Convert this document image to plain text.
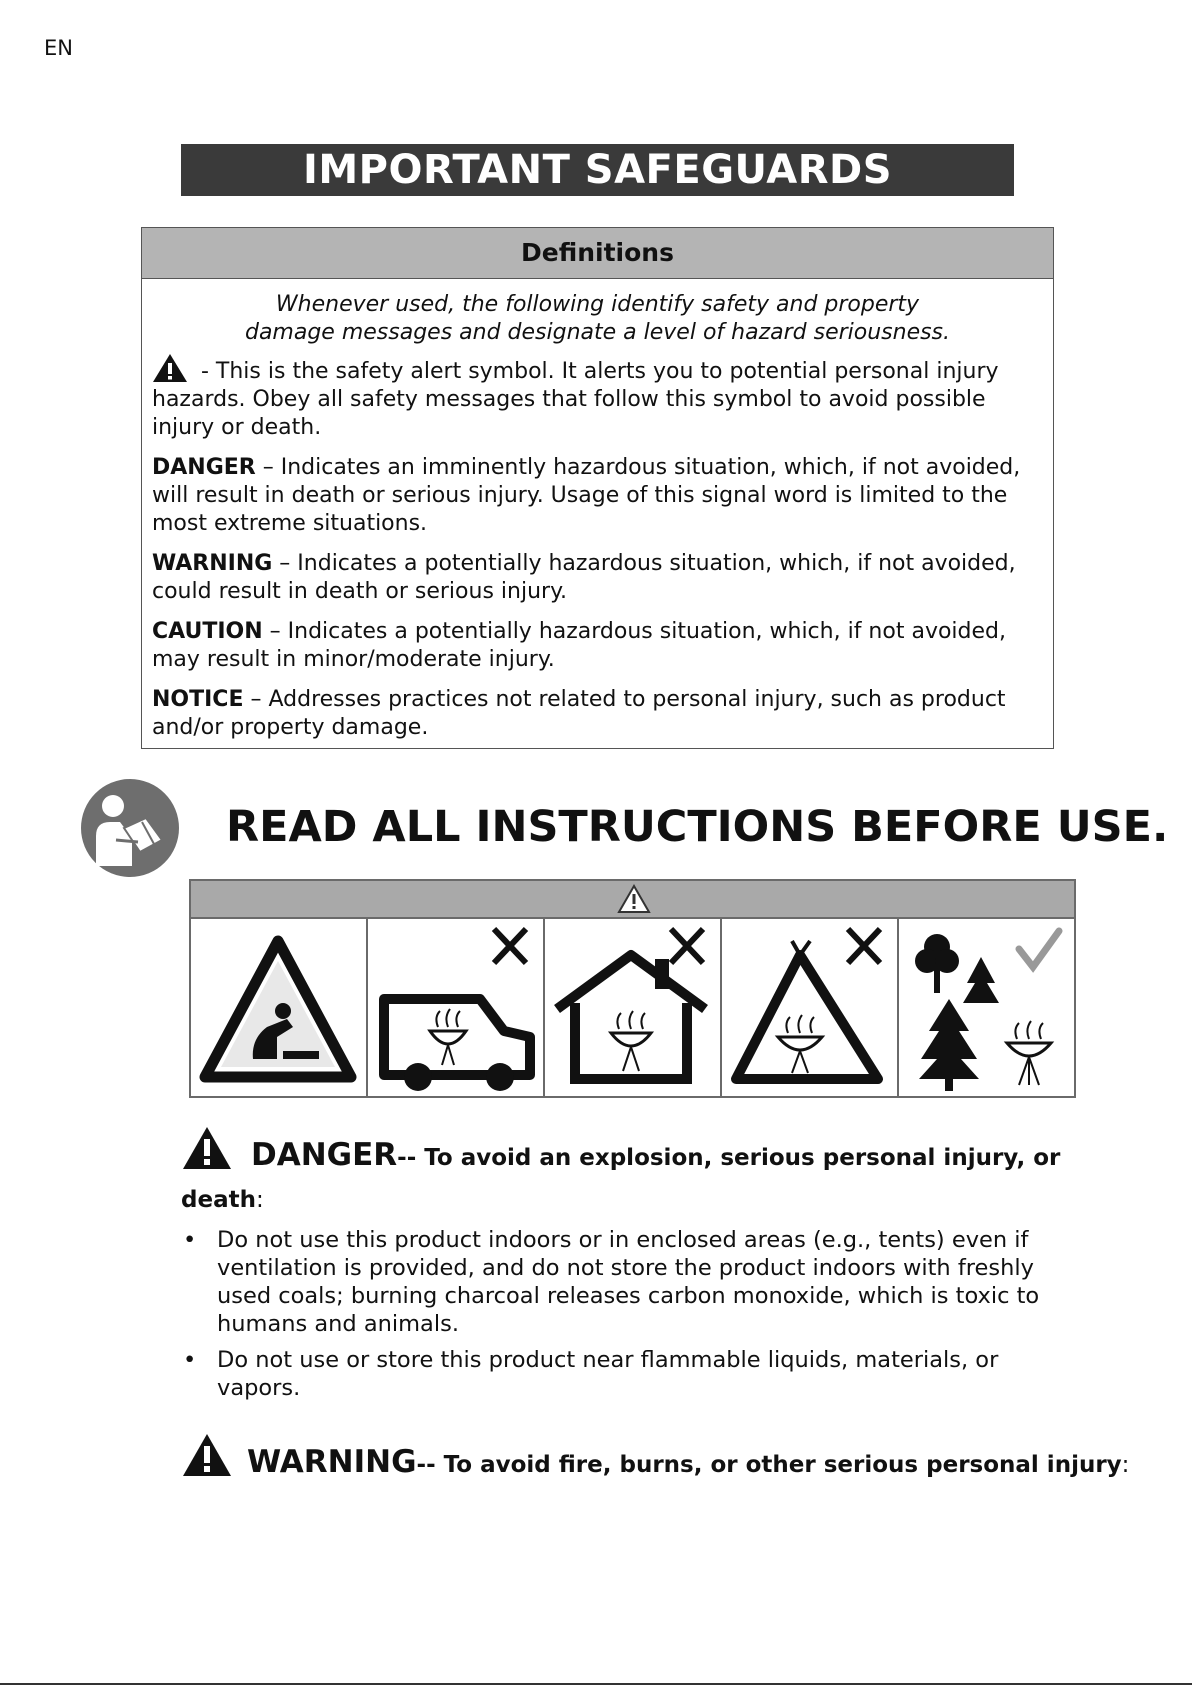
EN
IMPORTANT SAFEGUARDS
Definitions
Whenever used, the following identify safety and property
damage messages and designate a level of hazard seriousness.

- This is the safety alert symbol. It alerts you to potential personal injury hazards. Obey all safety messages that follow this symbol to avoid possible injury or death.

DANGER – Indicates an imminently hazardous situation, which, if not avoided, will result in death or serious injury. Usage of this signal word is limited to the most extreme situations.

WARNING – Indicates a potentially hazardous situation, which, if not avoided, could result in death or serious injury.

CAUTION – Indicates a potentially hazardous situation, which, if not avoided, may result in minor/moderate injury.

NOTICE – Addresses practices not related to personal injury, such as product and/or property damage.

READ ALL INSTRUCTIONS BEFORE USE.
DANGER-- To avoid an explosion, serious personal injury, or
death:
• Do not use this product indoors or in enclosed areas (e.g., tents) even if ventilation is provided, and do not store the product indoors with freshly used coals; burning charcoal releases carbon monoxide, which is toxic to humans and animals.
• Do not use or store this product near flammable liquids, materials, or vapors.
WARNING-- To avoid fire, burns, or other serious personal injury:
